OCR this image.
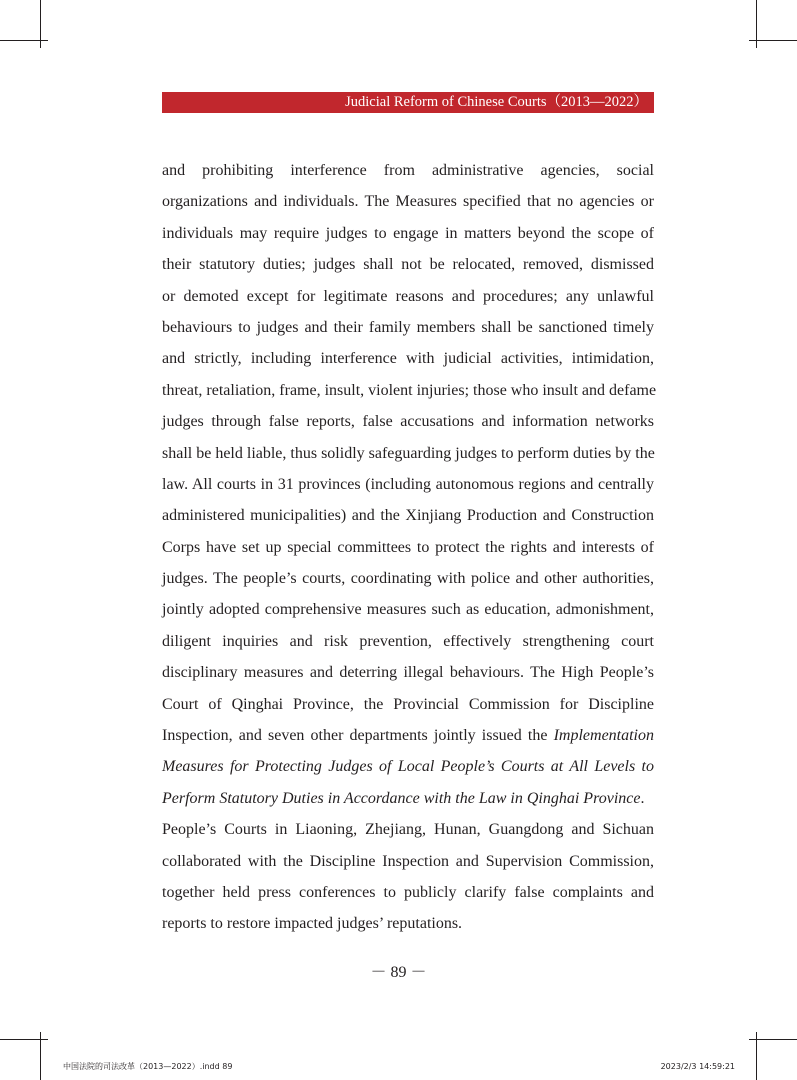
Judicial Reform of Chinese Courts（2013—2022）
and prohibiting interference from administrative agencies, social
organizations and individuals. The Measures specified that no agencies or
individuals may require judges to engage in matters beyond the scope of
their statutory duties; judges shall not be relocated, removed, dismissed
or demoted except for legitimate reasons and procedures; any unlawful
behaviours to judges and their family members shall be sanctioned timely
and strictly, including interference with judicial activities, intimidation,
threat, retaliation, frame, insult, violent injuries; those who insult and defame
judges through false reports, false accusations and information networks
shall be held liable, thus solidly safeguarding judges to perform duties by the
law. All courts in 31 provinces (including autonomous regions and centrally
administered municipalities) and the Xinjiang Production and Construction
Corps have set up special committees to protect the rights and interests of
judges. The people’s courts, coordinating with police and other authorities,
jointly adopted comprehensive measures such as education, admonishment,
diligent inquiries and risk prevention, effectively strengthening court
disciplinary measures and deterring illegal behaviours. The High People’s
Court of Qinghai Province, the Provincial Commission for Discipline
Inspection, and seven other departments jointly issued the Implementation
Measures for Protecting Judges of Local People’s Courts at All Levels to
Perform Statutory Duties in Accordance with the Law in Qinghai Province.
People’s Courts in Liaoning, Zhejiang, Hunan, Guangdong and Sichuan
collaborated with the Discipline Inspection and Supervision Commission,
together held press conferences to publicly clarify false complaints and
reports to restore impacted judges’ reputations.
－ 89 －
中国法院的司法改革（2013—2022）.indd 89	2023/2/3 14:59:21
